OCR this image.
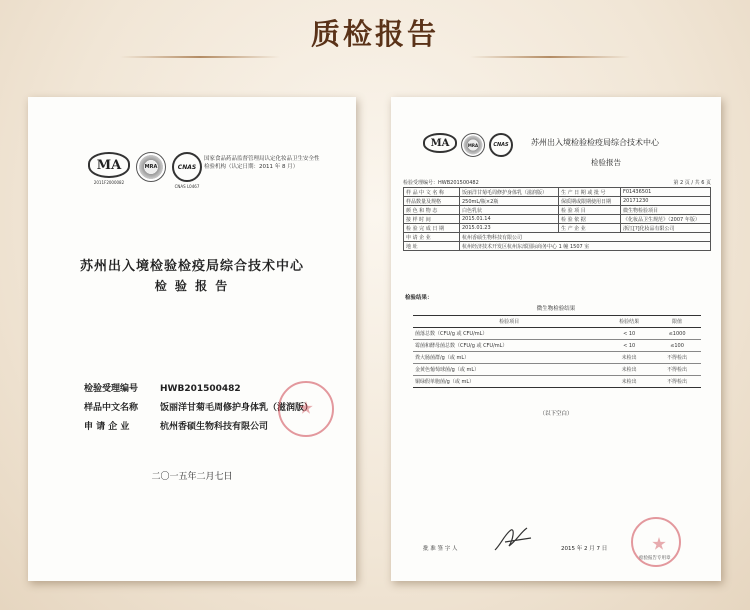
质检报告
MA
2011F2000082
MRA	CNAS
CNAS L0467
国家食品药品监督管理局认定化妆品卫生安全性检验机构（认定日期：2011 年 8 月）
苏州出入境检验检疫局综合技术中心
检 验 报 告
检验受理编号	HWB201500482
样品中文名称	饭丽洋甘菊毛周修护身体乳（滋润版）
申 请 企 业	杭州香硕生物科技有限公司
二〇一五年二月七日
MA	MRA	CNAS	苏州出入境检验检疫局综合技术中心
检验报告
检验受理编号：HWB201500482	第 2 页 / 共 6 页
样 品 中 文 名 称	饭丽洋甘菊毛周修护身体乳（滋润版）	生 产 日 期 或 批 号	F01436501
样品数量及规格	250mL/瓶×2瓶	保质期或限期使用日期	20171230
颜 色 和 物 态	白色乳状	检 验 项 目	微生物检验项目
接 样 时 间	2015.01.14	检 验 依 据	《化妆品卫生规范》（2007 年版）
检 验 完 成 日 期	2015.01.23	生 产 企 业	浙江[?]化妆品有限公司
申 请 企 业	杭州香硕生物科技有限公司		
地 址	杭州经济技术开发区杭州东部国际商务中心 1 幢 1507 室		
检验结果：
微生物检验结果
检验项目	检验结果	限值
菌落总数（CFU/g 或 CFU/mL）	< 10	≤1000
霉菌和酵母菌总数（CFU/g 或 CFU/mL）	< 10	≤100
粪大肠菌群/g（或 mL）	未检出	不得检出
金黄色葡萄球菌/g（或 mL）	未检出	不得检出
铜绿假单胞菌/g（或 mL）	未检出	不得检出
（以下空白）
批 准 签 字 人	2015 年 2 月 7 日
检验报告专用章
